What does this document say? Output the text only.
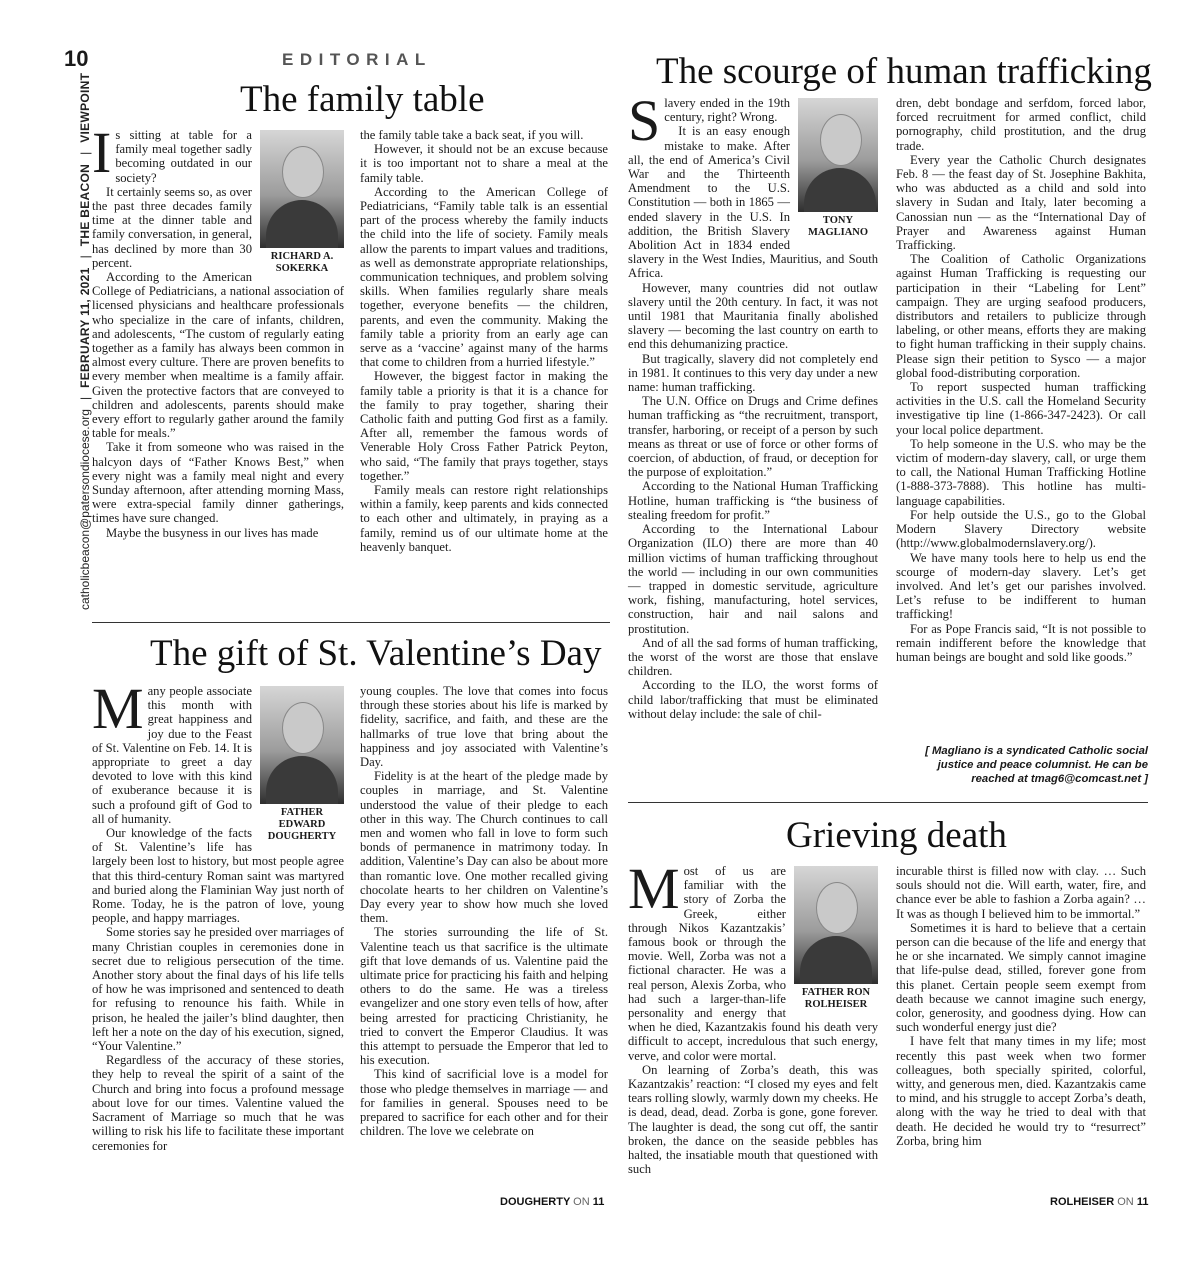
10
catholicbeacon@patersondiocese.org|FEBRUARY 11, 2021|THE BEACON|VIEWPOINT
EDITORIAL
The family table
RICHARD A. SOKERKA

Is sitting at table for a family meal together sadly becoming outdated in our society?

It certainly seems so, as over the past three decades family time at the dinner table and family conversation, in general, has declined by more than 30 percent.

According to the American College of Pediatricians, a national association of licensed physicians and healthcare professionals who specialize in the care of infants, children, and adolescents, “The custom of regularly eating together as a family has always been common in almost every culture. There are proven benefits to every member when mealtime is a family affair. Given the protective factors that are conveyed to children and adolescents, parents should make every effort to regularly gather around the family table for meals.”

Take it from someone who was raised in the halcyon days of “Father Knows Best,” when every night was a family meal night and every Sunday afternoon, after attending morning Mass, were extra-special family dinner gatherings, times have sure changed.

Maybe the busyness in our lives has made

the family table take a back seat, if you will.

However, it should not be an excuse because it is too important not to share a meal at the family table.

According to the American College of Pediatricians, “Family table talk is an essential part of the process whereby the family inducts the child into the life of society. Family meals allow the parents to impart values and traditions, as well as demonstrate appropriate relationships, communication techniques, and problem solving skills. When families regularly share meals together, everyone benefits — the children, parents, and even the community. Making the family table a priority from an early age can serve as a ‘vaccine’ against many of the harms that come to children from a hurried lifestyle.”

However, the biggest factor in making the family table a priority is that it is a chance for the family to pray together, sharing their Catholic faith and putting God first as a family. After all, remember the famous words of Venerable Holy Cross Father Patrick Peyton, who said, “The family that prays together, stays together.”

Family meals can restore right relationships within a family, keep parents and kids connected to each other and ultimately, in praying as a family, remind us of our ultimate home at the heavenly banquet.

The scourge of human trafficking
TONY MAGLIANO

Slavery ended in the 19th century, right? Wrong.

It is an easy enough mistake to make. After all, the end of America’s Civil War and the Thirteenth Amendment to the U.S. Constitution — both in 1865 — ended slavery in the U.S. In addition, the British Slavery Abolition Act in 1834 ended slavery in the West Indies, Mauritius, and South Africa.

However, many countries did not outlaw slavery until the 20th century. In fact, it was not until 1981 that Mauritania finally abolished slavery — becoming the last country on earth to end this dehumanizing practice.

But tragically, slavery did not completely end in 1981. It continues to this very day under a new name: human trafficking.

The U.N. Office on Drugs and Crime defines human trafficking as “the recruitment, transport, transfer, harboring, or receipt of a person by such means as threat or use of force or other forms of coercion, of abduction, of fraud, or deception for the purpose of exploitation.”

According to the National Human Trafficking Hotline, human trafficking is “the business of stealing freedom for profit.”

According to the International Labour Organization (ILO) there are more than 40 million victims of human trafficking throughout the world — including in our own communities — trapped in domestic servitude, agriculture work, fishing, manufacturing, hotel services, construction, hair and nail salons and prostitution.

And of all the sad forms of human trafficking, the worst of the worst are those that enslave children.

According to the ILO, the worst forms of child labor/trafficking that must be eliminated without delay include: the sale of chil-

dren, debt bondage and serfdom, forced labor, forced recruitment for armed conflict, child pornography, child prostitution, and the drug trade.

Every year the Catholic Church designates Feb. 8 — the feast day of St. Josephine Bakhita, who was abducted as a child and sold into slavery in Sudan and Italy, later becoming a Canossian nun — as the “International Day of Prayer and Awareness against Human Trafficking.

The Coalition of Catholic Organizations against Human Trafficking is requesting our participation in their “Labeling for Lent” campaign. They are urging seafood producers, distributors and retailers to publicize through labeling, or other means, efforts they are making to fight human trafficking in their supply chains. Please sign their petition to Sysco — a major global food-distributing corporation.

To report suspected human trafficking activities in the U.S. call the Homeland Security investigative tip line (1-866-347-2423). Or call your local police department.

To help someone in the U.S. who may be the victim of modern-day slavery, call, or urge them to call, the National Human Trafficking Hotline (1-888-373-7888). This hotline has multi-language capabilities.

For help outside the U.S., go to the Global Modern Slavery Directory website (http://www.globalmodernslavery.org/).

We have many tools here to help us end the scourge of modern-day slavery. Let’s get involved. And let’s get our parishes involved. Let’s refuse to be indifferent to human trafficking!

For as Pope Francis said, “It is not possible to remain indifferent before the knowledge that human beings are bought and sold like goods.”

[ Magliano is a syndicated Catholic social justice and peace columnist. He can be reached at tmag6@comcast.net ]
The gift of St. Valentine’s Day
FATHER EDWARD DOUGHERTY

Many people associate this month with great happiness and joy due to the Feast of St. Valentine on Feb. 14. It is appropriate to greet a day devoted to love with this kind of exuberance because it is such a profound gift of God to all of humanity.

Our knowledge of the facts of St. Valentine’s life has largely been lost to history, but most people agree that this third-century Roman saint was martyred and buried along the Flaminian Way just north of Rome. Today, he is the patron of love, young people, and happy marriages.

Some stories say he presided over marriages of many Christian couples in ceremonies done in secret due to religious persecution of the time. Another story about the final days of his life tells of how he was imprisoned and sentenced to death for refusing to renounce his faith. While in prison, he healed the jailer’s blind daughter, then left her a note on the day of his execution, signed, “Your Valentine.”

Regardless of the accuracy of these stories, they help to reveal the spirit of a saint of the Church and bring into focus a profound message about love for our times. Valentine valued the Sacrament of Marriage so much that he was willing to risk his life to facilitate these important ceremonies for

young couples. The love that comes into focus through these stories about his life is marked by fidelity, sacrifice, and faith, and these are the hallmarks of true love that bring about the happiness and joy associated with Valentine’s Day.

Fidelity is at the heart of the pledge made by couples in marriage, and St. Valentine understood the value of their pledge to each other in this way. The Church continues to call men and women who fall in love to form such bonds of permanence in matrimony today. In addition, Valentine’s Day can also be about more than romantic love. One mother recalled giving chocolate hearts to her children on Valentine’s Day every year to show how much she loved them.

The stories surrounding the life of St. Valentine teach us that sacrifice is the ultimate gift that love demands of us. Valentine paid the ultimate price for practicing his faith and helping others to do the same. He was a tireless evangelizer and one story even tells of how, after being arrested for practicing Christianity, he tried to convert the Emperor Claudius. It was this attempt to persuade the Emperor that led to his execution.

This kind of sacrificial love is a model for those who pledge themselves in marriage — and for families in general. Spouses need to be prepared to sacrifice for each other and for their children. The love we celebrate on

DOUGHERTY ON 11
Grieving death
FATHER RON ROLHEISER

Most of us are familiar with the story of Zorba the Greek, either through Nikos Kazantzakis’ famous book or through the movie. Well, Zorba was not a fictional character. He was a real person, Alexis Zorba, who had such a larger-than-life personality and energy that when he died, Kazantzakis found his death very difficult to accept, incredulous that such energy, verve, and color were mortal.

On learning of Zorba’s death, this was Kazantzakis’ reaction: “I closed my eyes and felt tears rolling slowly, warmly down my cheeks. He is dead, dead, dead. Zorba is gone, gone forever. The laughter is dead, the song cut off, the santir broken, the dance on the seaside pebbles has halted, the insatiable mouth that questioned with such

incurable thirst is filled now with clay. … Such souls should not die. Will earth, water, fire, and chance ever be able to fashion a Zorba again? … It was as though I believed him to be immortal.”

Sometimes it is hard to believe that a certain person can die because of the life and energy that he or she incarnated. We simply cannot imagine that life-pulse dead, stilled, forever gone from this planet. Certain people seem exempt from death because we cannot imagine such energy, color, generosity, and goodness dying. How can such wonderful energy just die?

I have felt that many times in my life; most recently this past week when two former colleagues, both specially spirited, colorful, witty, and generous men, died. Kazantzakis came to mind, and his struggle to accept Zorba’s death, along with the way he tried to deal with that death. He decided he would try to “resurrect” Zorba, bring him

ROLHEISER ON 11
